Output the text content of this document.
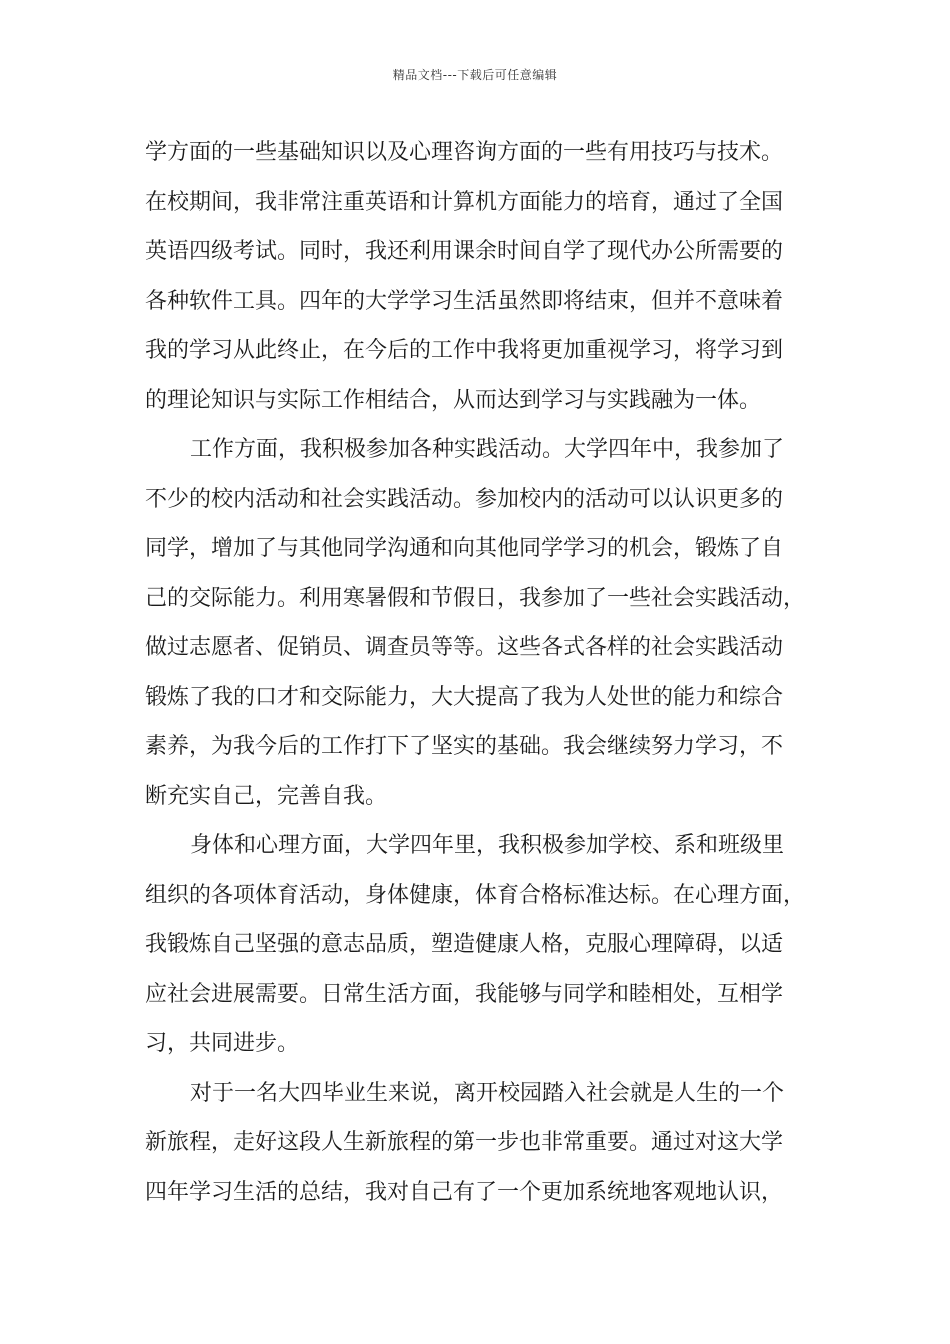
精品文档---下载后可任意编辑
学方面的一些基础知识以及心理咨询方面的一些有用技巧与技术。
在校期间，我非常注重英语和计算机方面能力的培育，通过了全国
英语四级考试。同时，我还利用课余时间自学了现代办公所需要的
各种软件工具。四年的大学学习生活虽然即将结束，但并不意味着
我的学习从此终止，在今后的工作中我将更加重视学习，将学习到
的理论知识与实际工作相结合，从而达到学习与实践融为一体。
工作方面，我积极参加各种实践活动。大学四年中，我参加了
不少的校内活动和社会实践活动。参加校内的活动可以认识更多的
同学，增加了与其他同学沟通和向其他同学学习的机会，锻炼了自
己的交际能力。利用寒暑假和节假日，我参加了一些社会实践活动，
做过志愿者、促销员、调查员等等。这些各式各样的社会实践活动
锻炼了我的口才和交际能力，大大提高了我为人处世的能力和综合
素养，为我今后的工作打下了坚实的基础。我会继续努力学习，不
断充实自己，完善自我。
身体和心理方面，大学四年里，我积极参加学校、系和班级里
组织的各项体育活动，身体健康，体育合格标准达标。在心理方面，
我锻炼自己坚强的意志品质，塑造健康人格，克服心理障碍，以适
应社会进展需要。日常生活方面，我能够与同学和睦相处，互相学
习，共同进步。
对于一名大四毕业生来说，离开校园踏入社会就是人生的一个
新旅程，走好这段人生新旅程的第一步也非常重要。通过对这大学
四年学习生活的总结，我对自己有了一个更加系统地客观地认识，
